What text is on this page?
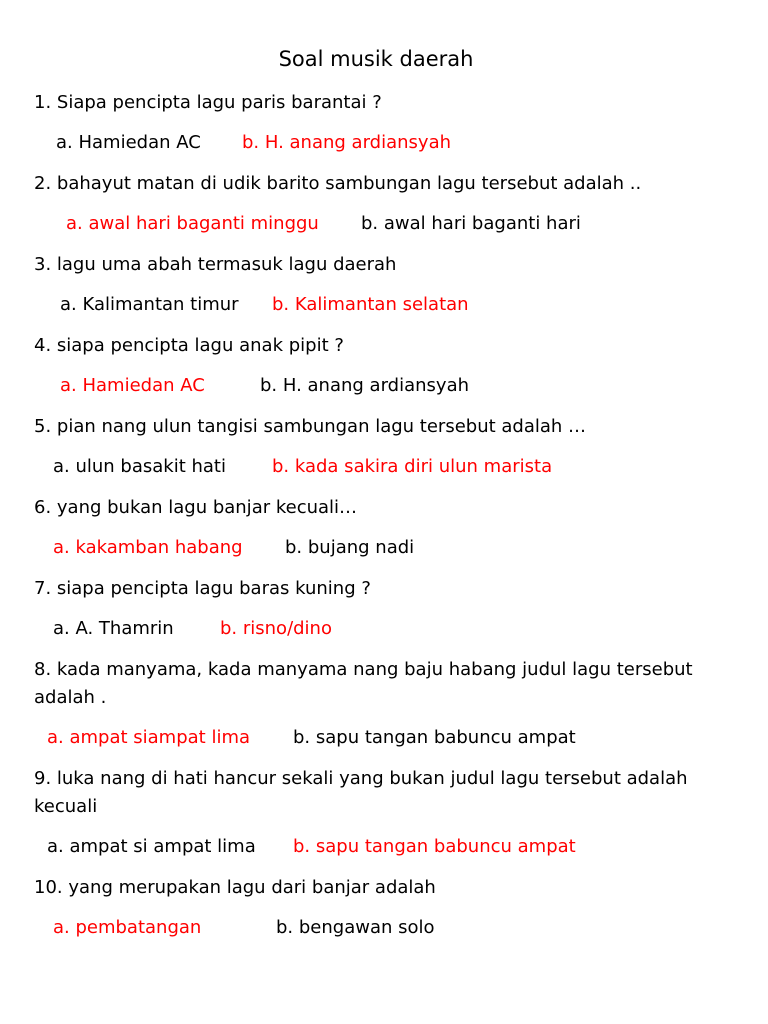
Soal musik daerah

1. Siapa pencipta lagu paris barantai ?

a. Hamiedan AC b. H. anang ardiansyah

2. bahayut matan di udik barito sambungan lagu tersebut adalah ..

a. awal hari baganti minggu b. awal hari baganti hari

3. lagu uma abah termasuk lagu daerah

a. Kalimantan timur b. Kalimantan selatan

4. siapa pencipta lagu anak pipit ?

a. Hamiedan AC	b. H. anang ardiansyah

5. pian nang ulun tangisi sambungan lagu tersebut adalah …

a. ulun basakit hati	b. kada sakira diri ulun marista

6. yang bukan lagu banjar kecuali…

a. kakamban habang b. bujang nadi

7. siapa pencipta lagu baras kuning ?

a. A. Thamrin	b. risno/dino

8. kada manyama, kada manyama nang baju habang judul lagu tersebut adalah .

a. ampat siampat lima b. sapu tangan babuncu ampat

9. luka nang di hati hancur sekali yang bukan judul lagu tersebut adalah kecuali

a. ampat si ampat lima b. sapu tangan babuncu ampat

10. yang merupakan lagu dari banjar adalah

a. pembatangan	b. bengawan solo
